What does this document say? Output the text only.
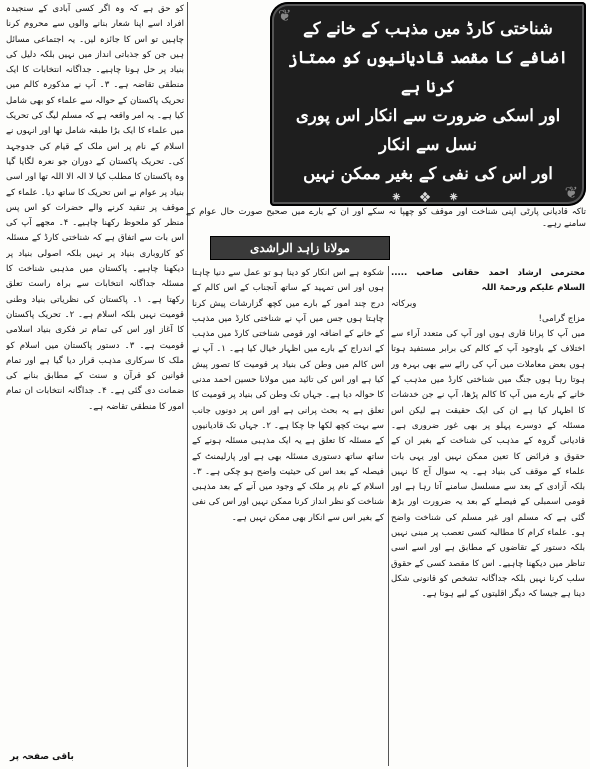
کو حق ہے کہ وہ اگر کسی آبادی کے سنجیدہ افراد اسے اپنا شعار بنانے والوں سے محروم کرنا چاہیں تو اس کا جائزہ لیں۔ یہ اجتماعی مسائل ہیں جن کو جذباتی انداز میں نہیں بلکہ دلیل کی بنیاد پر حل ہونا چاہیے۔ جداگانہ انتخابات کا ایک منطقی تقاضہ ہے۔ ۳۔ آپ نے مذکورہ کالم میں تحریک پاکستان کے حوالہ سے علماء کو بھی شامل کیا ہے۔ یہ امر واقعہ ہے کہ مسلم لیگ کی تحریک میں علماء کا ایک بڑا طبقہ شامل تھا اور انہوں نے اسلام کے نام پر اس ملک کے قیام کی جدوجہد کی۔ تحریک پاکستان کے دوران جو نعرہ لگایا گیا وہ پاکستان کا مطلب کیا لا الہ الا اللہ تھا اور اسی بنیاد پر عوام نے اس تحریک کا ساتھ دیا۔ علماء کے موقف پر تنقید کرنے والے حضرات کو اس پس منظر کو ملحوظ رکھنا چاہیے۔ ۴۔ مجھے آپ کی اس بات سے اتفاق ہے کہ شناختی کارڈ کے مسئلہ کو کاروباری بنیاد پر نہیں بلکہ اصولی بنیاد پر دیکھنا چاہیے۔ پاکستان میں مذہبی شناخت کا مسئلہ جداگانہ انتخابات سے براہ راست تعلق رکھتا ہے۔ ۱۔ پاکستان کی نظریاتی بنیاد وطنی قومیت نہیں بلکہ اسلام ہے۔ ۲۔ تحریک پاکستان کا آغاز اور اس کی تمام تر فکری بنیاد اسلامی قومیت ہے۔ ۳۔ دستور پاکستان میں اسلام کو ملک کا سرکاری مذہب قرار دیا گیا ہے اور تمام قوانین کو قرآن و سنت کے مطابق بنانے کی ضمانت دی گئی ہے۔ ۴۔ جداگانہ انتخابات ان تمام امور کا منطقی تقاضہ ہے۔

❦
❦
شناختی کارڈ میں مذہب کے خانے کے
اضافے کا مقصد قادیانیوں کو ممتاز کرنا ہے
اور اسکی ضرورت سے انکار اس پوری نسل سے انکار
اور اس کی نفی کے بغیر ممکن نہیں
⁕ ❖ ⁕
تاکہ قادیانی پارٹی اپنی شناخت اور موقف کو چھپا نہ سکے اور ان کے بارے میں صحیح صورت حال عوام کے سامنے رہے۔
مولانا زاہد الراشدی

شکوہ ہے اس انکار کو دینا ہو تو عمل سے دنیا چاہتا ہوں اور اس تمہید کے ساتھ آنجناب کے اس کالم کے درج چند امور کے بارے میں کچھ گزارشات پیش کرنا چاہتا ہوں جس میں آپ نے شناختی کارڈ میں مذہب کے خانے کے اضافہ اور قومی شناختی کارڈ میں مذہب کے اندراج کے بارے میں اظہار خیال کیا ہے۔ ۱۔ آپ نے اس کالم میں وطن کی بنیاد پر قومیت کا تصور پیش کیا ہے اور اس کی تائید میں مولانا حسین احمد مدنی کا حوالہ دیا ہے۔ جہاں تک وطن کی بنیاد پر قومیت کا تعلق ہے یہ بحث پرانی ہے اور اس پر دونوں جانب سے بہت کچھ لکھا جا چکا ہے۔ ۲۔ جہاں تک قادیانیوں کے مسئلہ کا تعلق ہے یہ ایک مذہبی مسئلہ ہونے کے ساتھ ساتھ دستوری مسئلہ بھی ہے اور پارلیمنٹ کے فیصلہ کے بعد اس کی حیثیت واضح ہو چکی ہے۔ ۳۔ اسلام کے نام پر ملک کے وجود میں آنے کے بعد مذہبی شناخت کو نظر انداز کرنا ممکن نہیں اور اس کی نفی کے بغیر اس سے انکار بھی ممکن نہیں ہے۔

محترمی ارشاد احمد حقانی صاحب ..... السلام علیکم ورحمۃ اللہ

وبرکاتہ

مزاج گرامی!

میں آپ کا پرانا قاری ہوں اور آپ کی متعدد آراء سے اختلاف کے باوجود آپ کے کالم کی برابر مستفید ہوتا ہوں بعض معاملات میں آپ کی رائے سے بھی بہرہ ور ہوتا رہا ہوں جنگ میں شناختی کارڈ میں مذہب کے خانے کے بارے میں آپ کا کالم پڑھا، آپ نے جن خدشات کا اظہار کیا ہے ان کی ایک حقیقت ہے لیکن اس مسئلہ کے دوسرے پہلو پر بھی غور ضروری ہے۔ قادیانی گروہ کے مذہب کی شناخت کے بغیر ان کے حقوق و فرائض کا تعین ممکن نہیں اور یہی بات علماء کے موقف کی بنیاد ہے۔ یہ سوال آج کا نہیں بلکہ آزادی کے بعد سے مسلسل سامنے آتا رہا ہے اور قومی اسمبلی کے فیصلے کے بعد یہ ضرورت اور بڑھ گئی ہے کہ مسلم اور غیر مسلم کی شناخت واضح ہو۔ علماء کرام کا مطالبہ کسی تعصب پر مبنی نہیں بلکہ دستور کے تقاضوں کے مطابق ہے اور اسے اسی تناظر میں دیکھنا چاہیے۔ اس کا مقصد کسی کے حقوق سلب کرنا نہیں بلکہ جداگانہ تشخص کو قانونی شکل دینا ہے جیسا کہ دیگر اقلیتوں کے لیے ہوتا ہے۔

باقی صفحہ پر
